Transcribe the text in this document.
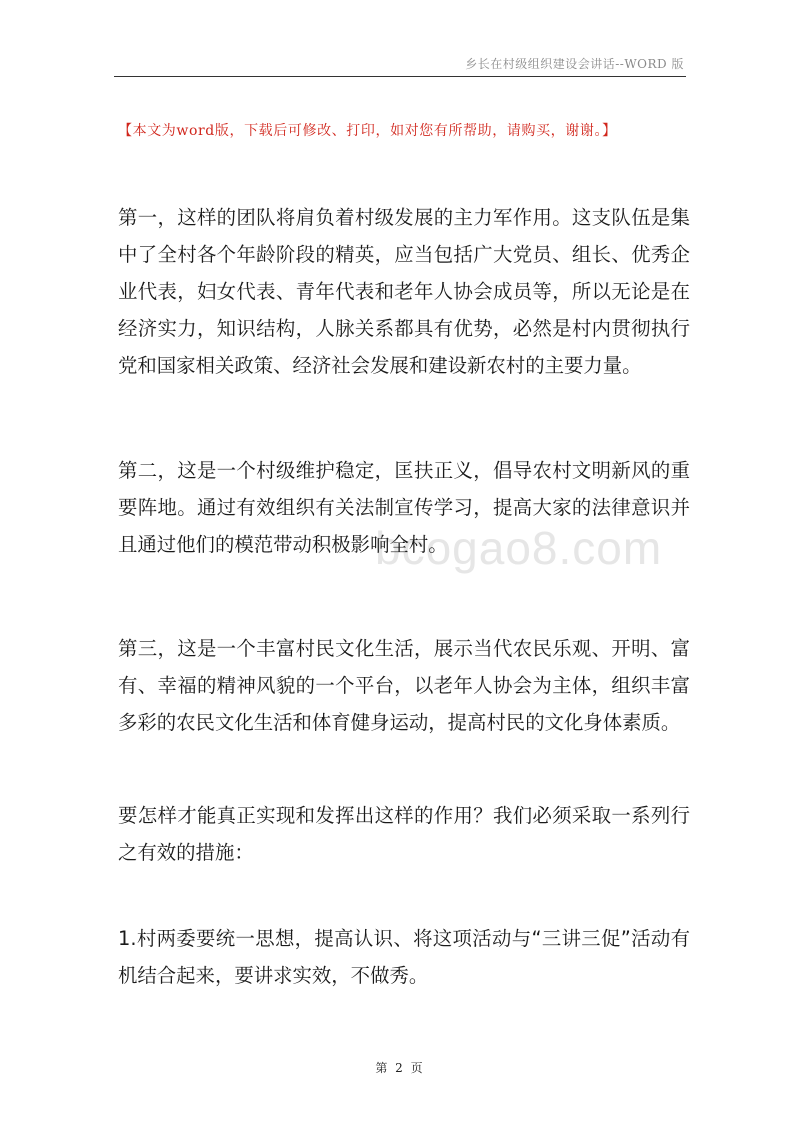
乡长在村级组织建设会讲话--WORD 版
【本文为word版，下载后可修改、打印，如对您有所帮助，请购买，谢谢。】
bcogao8.com

第一，这样的团队将肩负着村级发展的主力军作用。这支队伍是集中了全村各个年龄阶段的精英，应当包括广大党员、组长、优秀企业代表，妇女代表、青年代表和老年人协会成员等，所以无论是在经济实力，知识结构，人脉关系都具有优势，必然是村内贯彻执行党和国家相关政策、经济社会发展和建设新农村的主要力量。

第二，这是一个村级维护稳定，匡扶正义，倡导农村文明新风的重要阵地。通过有效组织有关法制宣传学习，提高大家的法律意识并且通过他们的模范带动积极影响全村。

第三，这是一个丰富村民文化生活，展示当代农民乐观、开明、富有、幸福的精神风貌的一个平台，以老年人协会为主体，组织丰富多彩的农民文化生活和体育健身运动，提高村民的文化身体素质。

要怎样才能真正实现和发挥出这样的作用？我们必须采取一系列行之有效的措施：

1.村两委要统一思想，提高认识、将这项活动与“三讲三促”活动有机结合起来，要讲求实效，不做秀。

第 2 页
